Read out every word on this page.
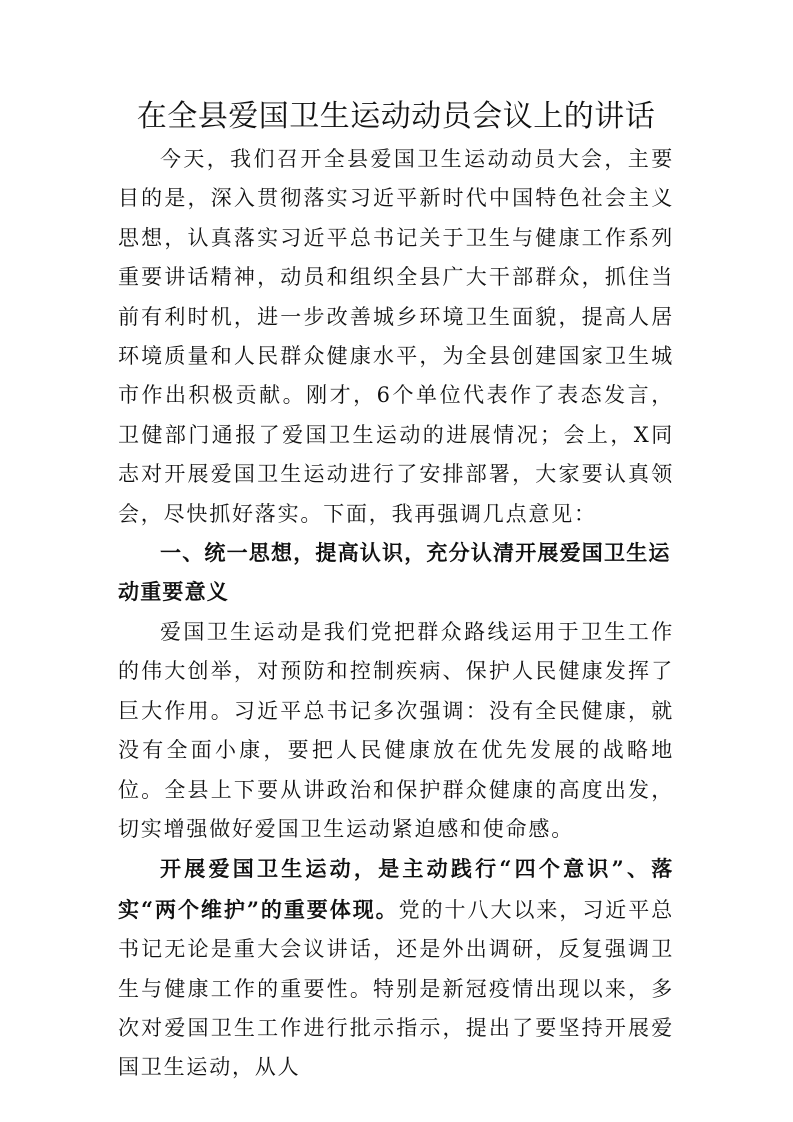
在全县爱国卫生运动动员会议上的讲话

今天，我们召开全县爱国卫生运动动员大会，主要目的是，深入贯彻落实习近平新时代中国特色社会主义思想，认真落实习近平总书记关于卫生与健康工作系列重要讲话精神，动员和组织全县广大干部群众，抓住当前有利时机，进一步改善城乡环境卫生面貌，提高人居环境质量和人民群众健康水平，为全县创建国家卫生城市作出积极贡献。刚才，6个单位代表作了表态发言，卫健部门通报了爱国卫生运动的进展情况；会上，X同志对开展爱国卫生运动进行了安排部署，大家要认真领会，尽快抓好落实。下面，我再强调几点意见：

一、统一思想，提高认识，充分认清开展爱国卫生运动重要意义

爱国卫生运动是我们党把群众路线运用于卫生工作的伟大创举，对预防和控制疾病、保护人民健康发挥了巨大作用。习近平总书记多次强调：没有全民健康，就没有全面小康，要把人民健康放在优先发展的战略地位。全县上下要从讲政治和保护群众健康的高度出发，切实增强做好爱国卫生运动紧迫感和使命感。

开展爱国卫生运动，是主动践行“四个意识”、落实“两个维护”的重要体现。党的十八大以来，习近平总书记无论是重大会议讲话，还是外出调研，反复强调卫生与健康工作的重要性。特别是新冠疫情出现以来，多次对爱国卫生工作进行批示指示，提出了要坚持开展爱国卫生运动，从人
